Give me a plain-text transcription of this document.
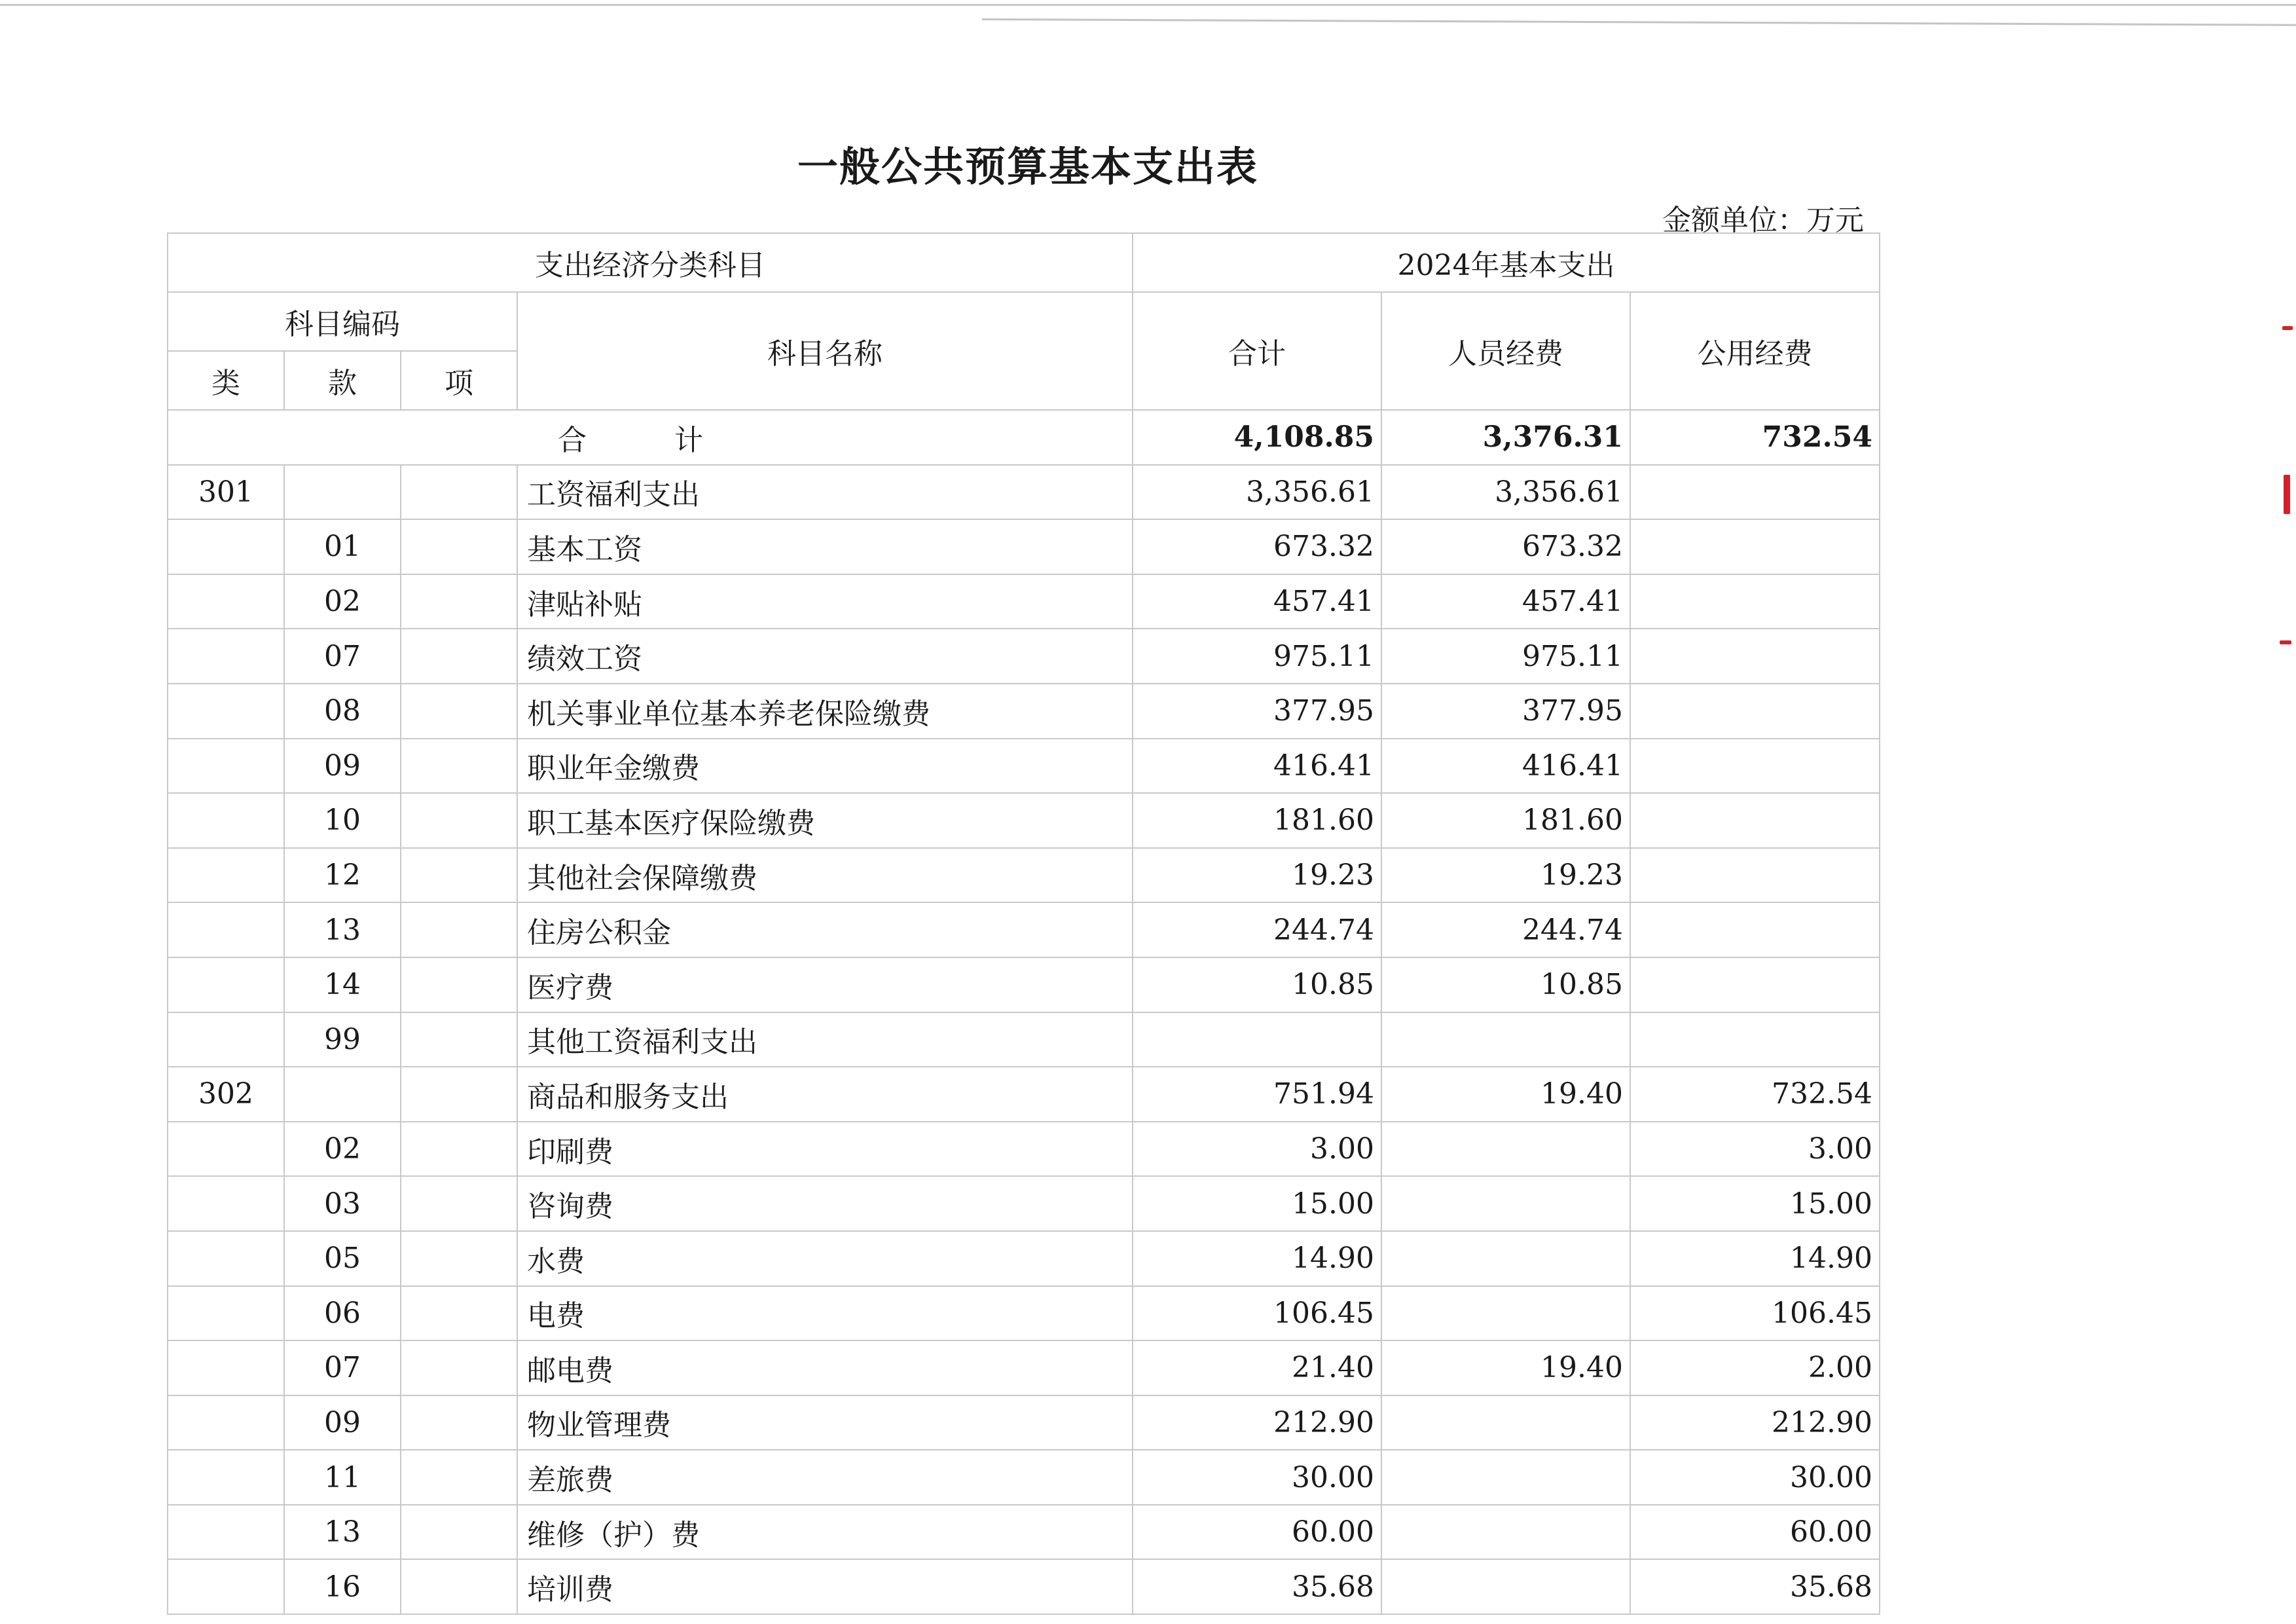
一般公共预算基本支出表
金额单位：万元
支出经济分类科目				2024年基本支出		
科目编码			科目名称	合计	人员经费	公用经费
类	款	项				
合 计				4,108.85	3,376.31	732.54
301			工资福利支出	3,356.61	3,356.61	
	01		基本工资	673.32	673.32	
	02		津贴补贴	457.41	457.41	
	07		绩效工资	975.11	975.11	
	08		机关事业单位基本养老保险缴费	377.95	377.95	
	09		职业年金缴费	416.41	416.41	
	10		职工基本医疗保险缴费	181.60	181.60	
	12		其他社会保障缴费	19.23	19.23	
	13		住房公积金	244.74	244.74	
	14		医疗费	10.85	10.85	
	99		其他工资福利支出			
302			商品和服务支出	751.94	19.40	732.54
	02		印刷费	3.00		3.00
	03		咨询费	15.00		15.00
	05		水费	14.90		14.90
	06		电费	106.45		106.45
	07		邮电费	21.40	19.40	2.00
	09		物业管理费	212.90		212.90
	11		差旅费	30.00		30.00
	13		维修（护）费	60.00		60.00
	16		培训费	35.68		35.68
